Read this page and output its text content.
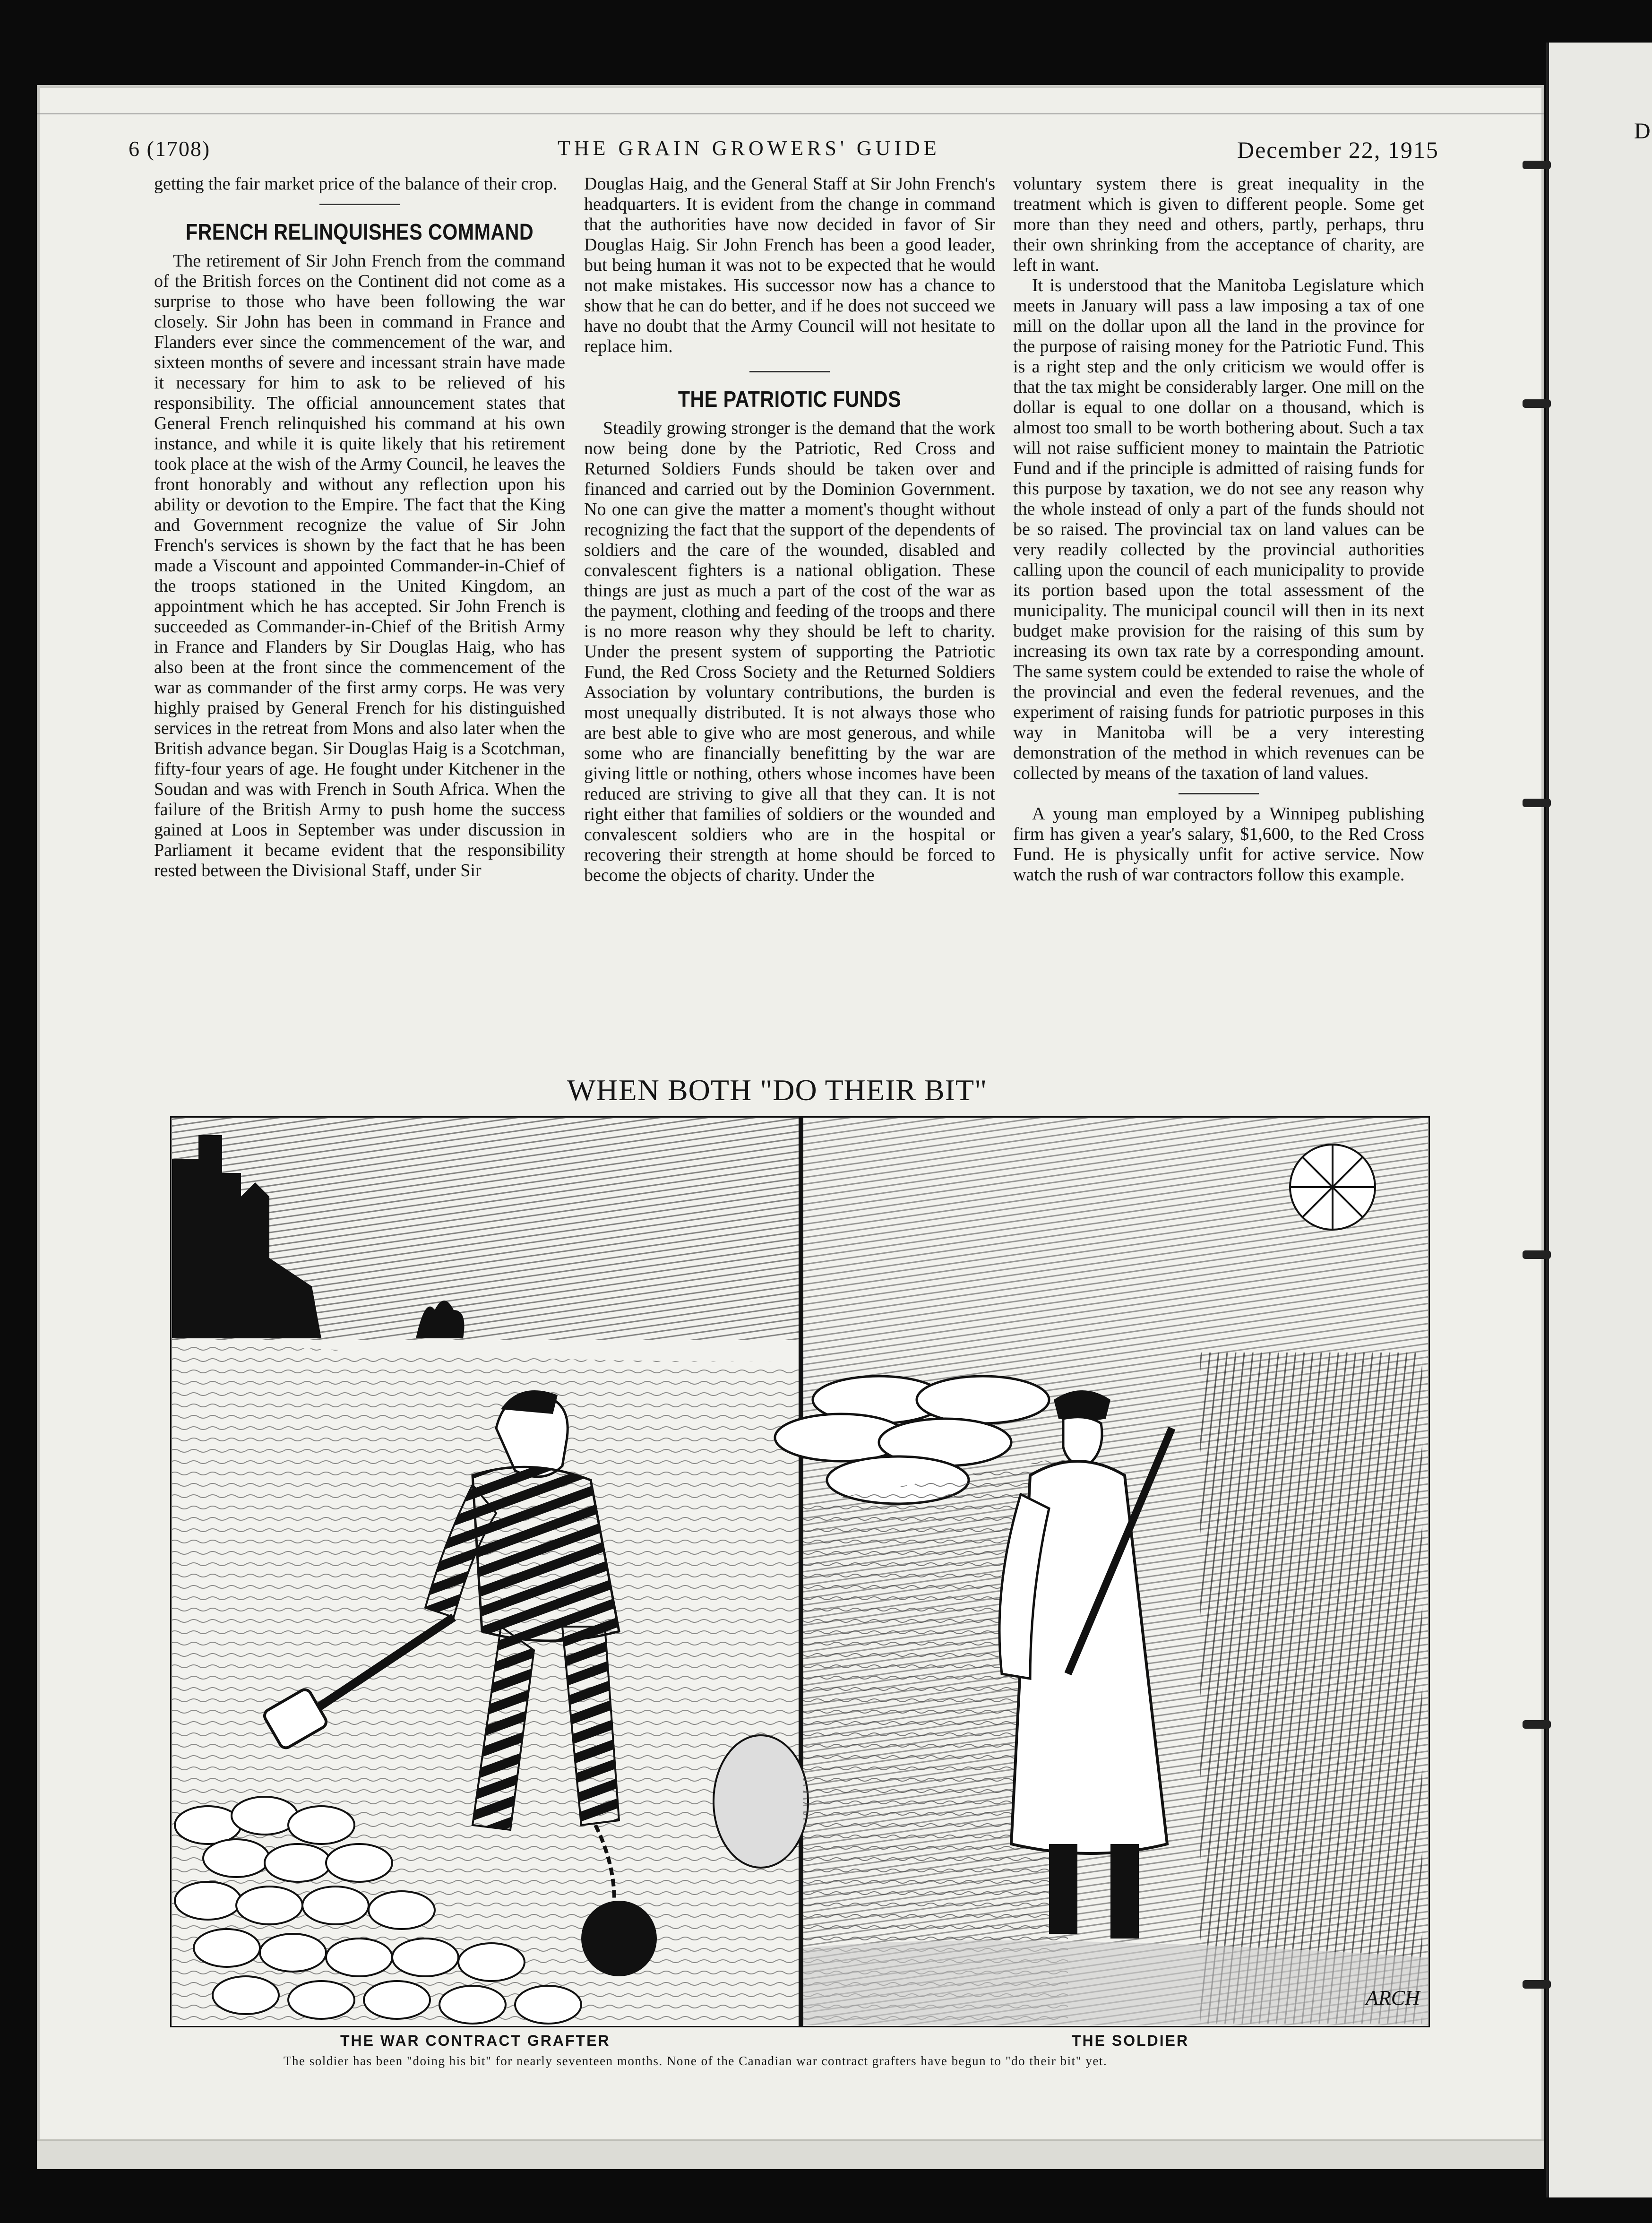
D
6 (1708)	THE GRAIN GROWERS' GUIDE	December 22, 1915

getting the fair market price of the balance of their crop.

FRENCH RELINQUISHES COMMAND

The retirement of Sir John French from the command of the British forces on the Continent did not come as a surprise to those who have been following the war closely. Sir John has been in command in France and Flanders ever since the commencement of the war, and sixteen months of severe and incessant strain have made it necessary for him to ask to be relieved of his responsibility. The official announcement states that General French relinquished his command at his own instance, and while it is quite likely that his retirement took place at the wish of the Army Council, he leaves the front honorably and without any reflection upon his ability or devotion to the Empire. The fact that the King and Government recognize the value of Sir John French's services is shown by the fact that he has been made a Viscount and appointed Commander-in-Chief of the troops stationed in the United Kingdom, an appointment which he has accepted. Sir John French is succeeded as Commander-in-Chief of the British Army in France and Flanders by Sir Douglas Haig, who has also been at the front since the commencement of the war as commander of the first army corps. He was very highly praised by General French for his distinguished services in the retreat from Mons and also later when the British advance began. Sir Douglas Haig is a Scotchman, fifty-four years of age. He fought under Kitchener in the Soudan and was with French in South Africa. When the failure of the British Army to push home the success gained at Loos in September was under discussion in Parliament it became evident that the responsibility rested between the Divisional Staff, under Sir

Douglas Haig, and the General Staff at Sir John French's headquarters. It is evident from the change in command that the authorities have now decided in favor of Sir Douglas Haig. Sir John French has been a good leader, but being human it was not to be expected that he would not make mistakes. His successor now has a chance to show that he can do better, and if he does not succeed we have no doubt that the Army Council will not hesitate to replace him.

THE PATRIOTIC FUNDS

Steadily growing stronger is the demand that the work now being done by the Patriotic, Red Cross and Returned Soldiers Funds should be taken over and financed and carried out by the Dominion Government. No one can give the matter a moment's thought without recognizing the fact that the support of the dependents of soldiers and the care of the wounded, disabled and convalescent fighters is a national obligation. These things are just as much a part of the cost of the war as the payment, clothing and feeding of the troops and there is no more reason why they should be left to charity. Under the present system of supporting the Patriotic Fund, the Red Cross Society and the Returned Soldiers Association by voluntary contributions, the burden is most unequally distributed. It is not always those who are best able to give who are most generous, and while some who are financially benefitting by the war are giving little or nothing, others whose incomes have been reduced are striving to give all that they can. It is not right either that families of soldiers or the wounded and convalescent soldiers who are in the hospital or recovering their strength at home should be forced to become the objects of charity. Under the

voluntary system there is great inequality in the treatment which is given to different people. Some get more than they need and others, partly, perhaps, thru their own shrinking from the acceptance of charity, are left in want.

It is understood that the Manitoba Legislature which meets in January will pass a law imposing a tax of one mill on the dollar upon all the land in the province for the purpose of raising money for the Patriotic Fund. This is a right step and the only criticism we would offer is that the tax might be considerably larger. One mill on the dollar is equal to one dollar on a thousand, which is almost too small to be worth bothering about. Such a tax will not raise sufficient money to maintain the Patriotic Fund and if the principle is admitted of raising funds for this purpose by taxation, we do not see any reason why the whole instead of only a part of the funds should not be so raised. The provincial tax on land values can be very readily collected by the provincial authorities calling upon the council of each municipality to provide its portion based upon the total assessment of the municipality. The municipal council will then in its next budget make provision for the raising of this sum by increasing its own tax rate by a corresponding amount. The same system could be extended to raise the whole of the provincial and even the federal revenues, and the experiment of raising funds for patriotic purposes in this way in Manitoba will be a very interesting demonstration of the method in which revenues can be collected by means of the taxation of land values.

A young man employed by a Winnipeg publishing firm has given a year's salary, $1,600, to the Red Cross Fund. He is physically unfit for active service. Now watch the rush of war contractors follow this example.

WHEN BOTH "DO THEIR BIT"
ARCH
THE WAR CONTRACT GRAFTER	THE SOLDIER
The soldier has been "doing his bit" for nearly seventeen months. None of the Canadian war contract grafters have begun to "do their bit" yet.
